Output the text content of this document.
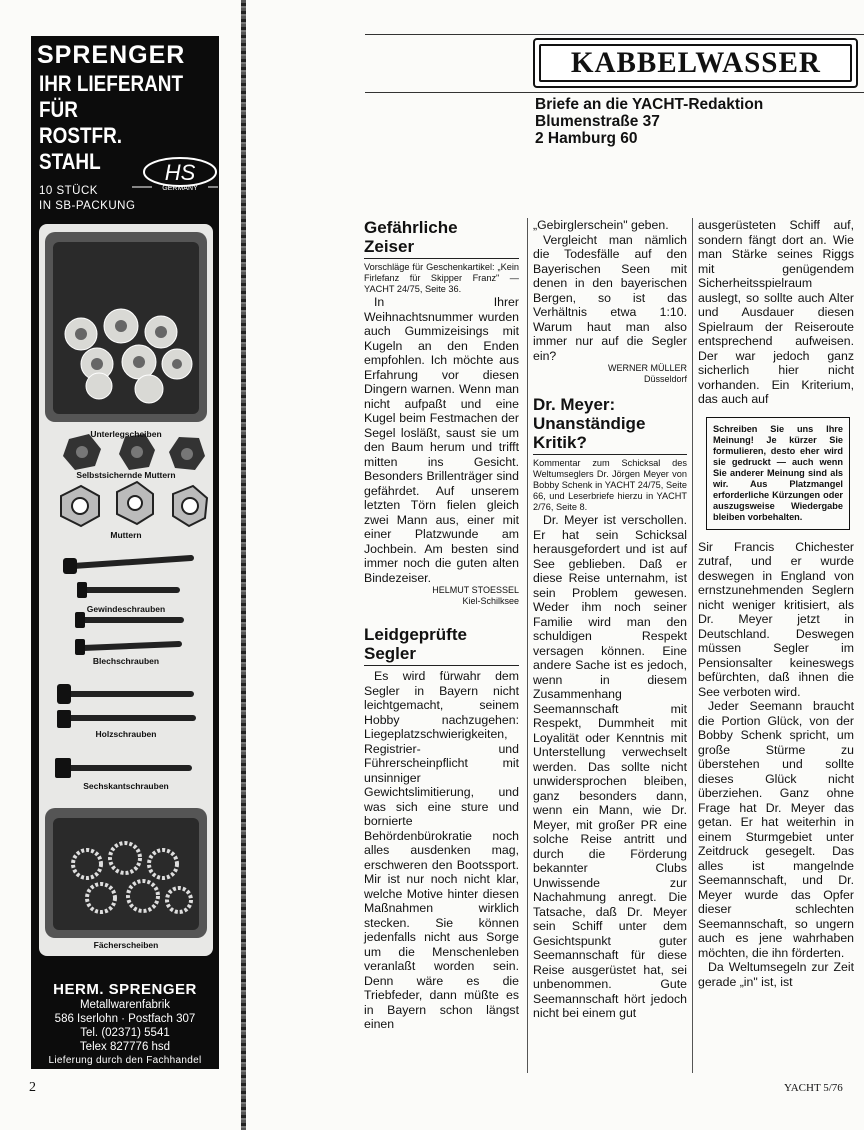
SPRENGER
IHR LIEFERANT
FÜR
ROSTFR. STAHL	HS
GERMANY
10 STÜCK
IN SB-PACKUNG
Unterlegscheiben
Selbstsichernde Muttern
Muttern
Gewindeschrauben
Blechschrauben
Holzschrauben
Sechskantschrauben
Fächerscheiben
HERM. SPRENGER
Metallwarenfabrik
586 Iserlohn · Postfach 307
Tel. (02371) 5541
Telex 827776 hsd
Lieferung durch den Fachhandel
2
KABBELWASSER
Briefe an die YACHT-Redaktion
Blumenstraße 37
2 Hamburg 60
Gefährliche
Zeiser

Vorschläge für Geschenkartikel: „Kein Firlefanz für Skipper Franz" — YACHT 24/75, Seite 36.

In Ihrer Weihnachtsnummer wurden auch Gummizeisings mit Kugeln an den Enden empfohlen. Ich möchte aus Erfahrung vor diesen Dingern warnen. Wenn man nicht aufpaßt und eine Kugel beim Festmachen der Segel losläßt, saust sie um den Baum herum und trifft mitten ins Gesicht. Besonders Brillenträger sind gefährdet. Auf unserem letzten Törn fielen gleich zwei Mann aus, einer mit einer Platzwunde am Jochbein. Am besten sind immer noch die guten alten Bindezeiser.

HELMUT STOESSEL
Kiel-Schilksee
Leidgeprüfte
Segler

Es wird fürwahr dem Segler in Bayern nicht leichtgemacht, seinem Hobby nachzugehen: Liegeplatzschwierigkeiten, Registrier- und Führerscheinpflicht mit unsinniger Gewichtslimitierung, und was sich eine sture und bornierte Behördenbürokratie noch alles ausdenken mag, erschweren den Bootssport. Mir ist nur noch nicht klar, welche Motive hinter diesen Maßnahmen wirklich stecken. Sie können jedenfalls nicht aus Sorge um die Menschenleben veranlaßt worden sein. Denn wäre es die Triebfeder, dann müßte es in Bayern schon längst einen

„Gebirglerschein" geben.

Vergleicht man nämlich die Todesfälle auf den Bayerischen Seen mit denen in den bayerischen Bergen, so ist das Verhältnis etwa 1:10. Warum haut man also immer nur auf die Segler ein?

WERNER MÜLLER
Düsseldorf
Dr. Meyer:
Unanständige
Kritik?

Kommentar zum Schicksal des Weltumseglers Dr. Jörgen Meyer von Bobby Schenk in YACHT 24/75, Seite 66, und Leserbriefe hierzu in YACHT 2/76, Seite 8.

Dr. Meyer ist verschollen. Er hat sein Schicksal herausgefordert und ist auf See geblieben. Daß er diese Reise unternahm, ist sein Problem gewesen. Weder ihm noch seiner Familie wird man den schuldigen Respekt versagen können. Eine andere Sache ist es jedoch, wenn in diesem Zusammenhang Seemannschaft mit Respekt, Dummheit mit Loyalität oder Kenntnis mit Unterstellung verwechselt werden. Das sollte nicht unwidersprochen bleiben, ganz besonders dann, wenn ein Mann, wie Dr. Meyer, mit großer PR eine solche Reise antritt und durch die Förderung bekannter Clubs Unwissende zur Nachahmung anregt. Die Tatsache, daß Dr. Meyer sein Schiff unter dem Gesichtspunkt guter Seemannschaft für diese Reise ausgerüstet hat, sei unbenommen. Gute Seemannschaft hört jedoch nicht bei einem gut

ausgerüsteten Schiff auf, sondern fängt dort an. Wie man Stärke seines Riggs mit genügendem Sicherheitsspielraum auslegt, so sollte auch Alter und Ausdauer diesen Spielraum der Reiseroute entsprechend aufweisen. Der war jedoch ganz sicherlich hier nicht vorhanden. Ein Kriterium, das auch auf

Schreiben Sie uns Ihre Meinung! Je kürzer Sie formulieren, desto eher wird sie gedruckt — auch wenn Sie anderer Meinung sind als wir. Aus Platzmangel erforderliche Kürzungen oder auszugsweise Wiedergabe bleiben vorbehalten.

Sir Francis Chichester zutraf, und er wurde deswegen in England von ernstzunehmenden Seglern nicht weniger kritisiert, als Dr. Meyer jetzt in Deutschland. Deswegen müssen Segler im Pensionsalter keineswegs befürchten, daß ihnen die See verboten wird.

Jeder Seemann braucht die Portion Glück, von der Bobby Schenk spricht, um große Stürme zu überstehen und sollte dieses Glück nicht überziehen. Ganz ohne Frage hat Dr. Meyer das getan. Er hat weiterhin in einem Sturmgebiet unter Zeitdruck gesegelt. Das alles ist mangelnde Seemannschaft, und Dr. Meyer wurde das Opfer dieser schlechten Seemannschaft, so ungern auch es jene wahrhaben möchten, die ihn förderten.

Da Weltumsegeln zur Zeit gerade „in" ist, ist

YACHT 5/76
